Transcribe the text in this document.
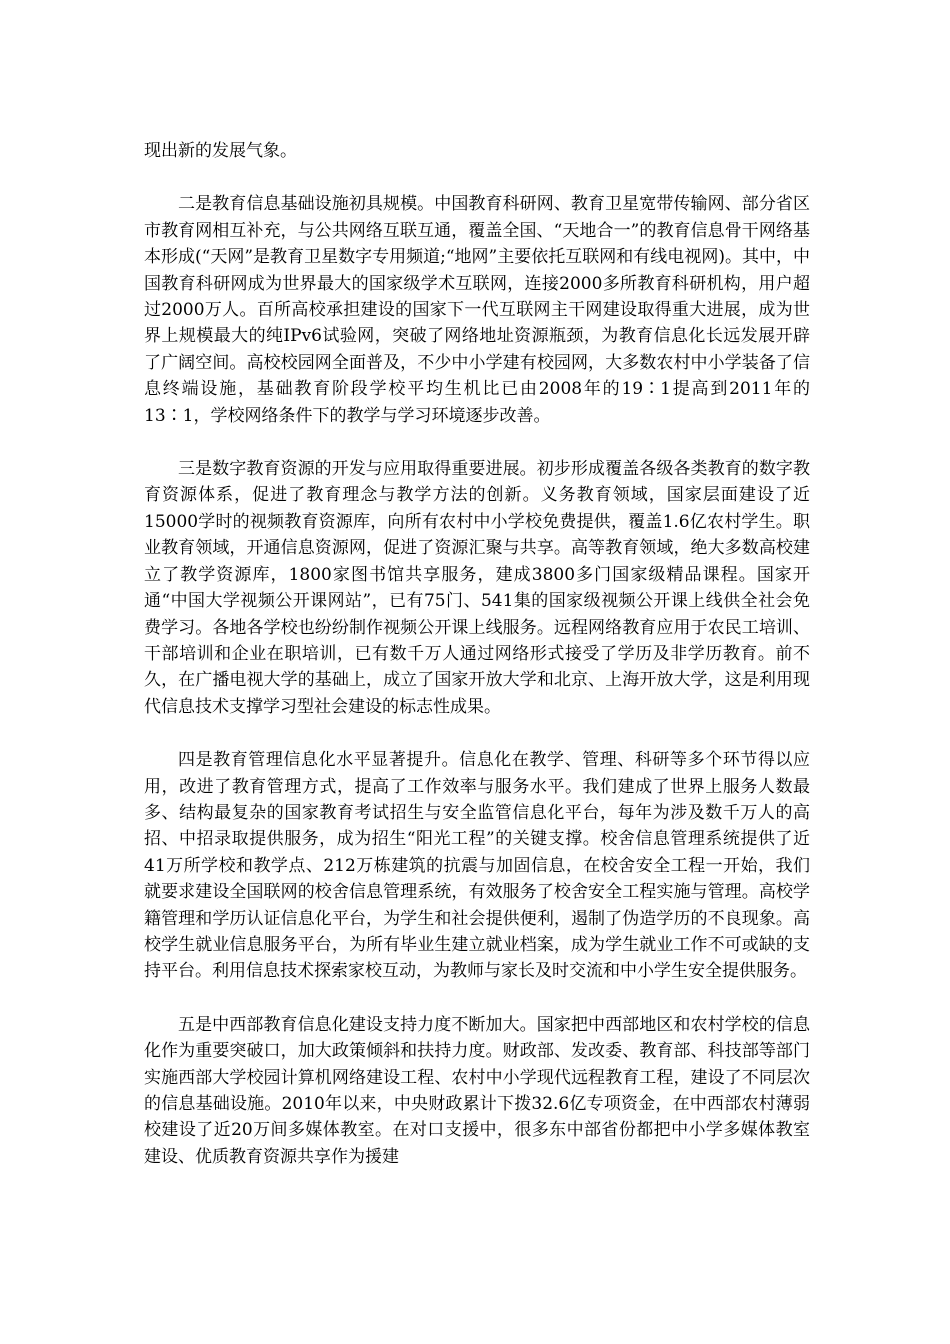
现出新的发展气象。

二是教育信息基础设施初具规模。中国教育科研网、教育卫星宽带传输网、部分省区市教育网相互补充，与公共网络互联互通，覆盖全国、“天地合一”的教育信息骨干网络基本形成(“天网”是教育卫星数字专用频道;“地网”主要依托互联网和有线电视网)。其中，中国教育科研网成为世界最大的国家级学术互联网，连接2000多所教育科研机构，用户超过2000万人。百所高校承担建设的国家下一代互联网主干网建设取得重大进展，成为世界上规模最大的纯IPv6试验网，突破了网络地址资源瓶颈，为教育信息化长远发展开辟了广阔空间。高校校园网全面普及，不少中小学建有校园网，大多数农村中小学装备了信息终端设施，基础教育阶段学校平均生机比已由2008年的19∶1提高到2011年的13∶1，学校网络条件下的教学与学习环境逐步改善。

三是数字教育资源的开发与应用取得重要进展。初步形成覆盖各级各类教育的数字教育资源体系，促进了教育理念与教学方法的创新。义务教育领域，国家层面建设了近15000学时的视频教育资源库，向所有农村中小学校免费提供，覆盖1.6亿农村学生。职业教育领域，开通信息资源网，促进了资源汇聚与共享。高等教育领域，绝大多数高校建立了教学资源库，1800家图书馆共享服务，建成3800多门国家级精品课程。国家开通“中国大学视频公开课网站”，已有75门、541集的国家级视频公开课上线供全社会免费学习。各地各学校也纷纷制作视频公开课上线服务。远程网络教育应用于农民工培训、干部培训和企业在职培训，已有数千万人通过网络形式接受了学历及非学历教育。前不久，在广播电视大学的基础上，成立了国家开放大学和北京、上海开放大学，这是利用现代信息技术支撑学习型社会建设的标志性成果。

四是教育管理信息化水平显著提升。信息化在教学、管理、科研等多个环节得以应用，改进了教育管理方式，提高了工作效率与服务水平。我们建成了世界上服务人数最多、结构最复杂的国家教育考试招生与安全监管信息化平台，每年为涉及数千万人的高招、中招录取提供服务，成为招生“阳光工程”的关键支撑。校舍信息管理系统提供了近41万所学校和教学点、212万栋建筑的抗震与加固信息，在校舍安全工程一开始，我们就要求建设全国联网的校舍信息管理系统，有效服务了校舍安全工程实施与管理。高校学籍管理和学历认证信息化平台，为学生和社会提供便利，遏制了伪造学历的不良现象。高校学生就业信息服务平台，为所有毕业生建立就业档案，成为学生就业工作不可或缺的支持平台。利用信息技术探索家校互动，为教师与家长及时交流和中小学生安全提供服务。

五是中西部教育信息化建设支持力度不断加大。国家把中西部地区和农村学校的信息化作为重要突破口，加大政策倾斜和扶持力度。财政部、发改委、教育部、科技部等部门实施西部大学校园计算机网络建设工程、农村中小学现代远程教育工程，建设了不同层次的信息基础设施。2010年以来，中央财政累计下拨32.6亿专项资金，在中西部农村薄弱校建设了近20万间多媒体教室。在对口支援中，很多东中部省份都把中小学多媒体教室建设、优质教育资源共享作为援建
